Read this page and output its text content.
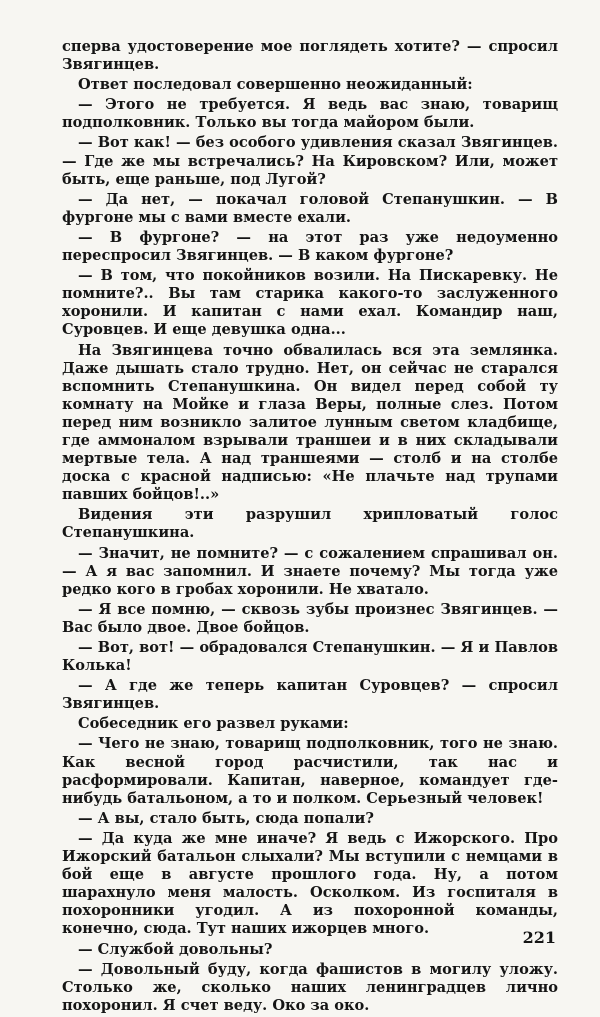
сперва удостоверение мое поглядеть хотите? — спросил Звягинцев.

Ответ последовал совершенно неожиданный:

— Этого не требуется. Я ведь вас знаю, товарищ подполковник. Только вы тогда майором были.

— Вот как! — без особого удивления сказал Звягинцев. — Где же мы встречались? На Кировском? Или, может быть, еще раньше, под Лугой?

— Да нет, — покачал головой Степанушкин. — В фургоне мы с вами вместе ехали.

— В фургоне? — на этот раз уже недоуменно переспросил Звягинцев. — В каком фургоне?

— В том, что покойников возили. На Пискаревку. Не помните?.. Вы там старика какого-то заслуженного хоронили. И капитан с нами ехал. Командир наш, Суровцев. И еще девушка одна...

На Звягинцева точно обвалилась вся эта землянка. Даже дышать стало трудно. Нет, он сейчас не старался вспомнить Степанушкина. Он видел перед собой ту комнату на Мойке и глаза Веры, полные слез. Потом перед ним возникло залитое лунным светом кладбище, где аммоналом взрывали траншеи и в них складывали мертвые тела. А над траншеями — столб и на столбе доска с красной надписью: «Не плачьте над трупами павших бойцов!..»

Видения эти разрушил хрипловатый голос Степанушкина.

— Значит, не помните? — с сожалением спрашивал он. — А я вас запомнил. И знаете почему? Мы тогда уже редко кого в гробах хоронили. Не хватало.

— Я все помню, — сквозь зубы произнес Звягинцев. — Вас было двое. Двое бойцов.

— Вот, вот! — обрадовался Степанушкин. — Я и Павлов Колька!

— А где же теперь капитан Суровцев? — спросил Звягинцев.

Собеседник его развел руками:

— Чего не знаю, товарищ подполковник, того не знаю. Как весной город расчистили, так нас и расформировали. Капитан, наверное, командует где-нибудь батальоном, а то и полком. Серьезный человек!

— А вы, стало быть, сюда попали?

— Да куда же мне иначе? Я ведь с Ижорского. Про Ижорский батальон слыхали? Мы вступили с немцами в бой еще в августе прошлого года. Ну, а потом шарахнуло меня малость. Осколком. Из госпиталя в похоронники угодил. А из похоронной команды, конечно, сюда. Тут наших ижорцев много.

— Службой довольны?

— Довольный буду, когда фашистов в могилу уложу. Столько же, сколько наших ленинградцев лично похоронил. Я счет веду. Око за око.

221
